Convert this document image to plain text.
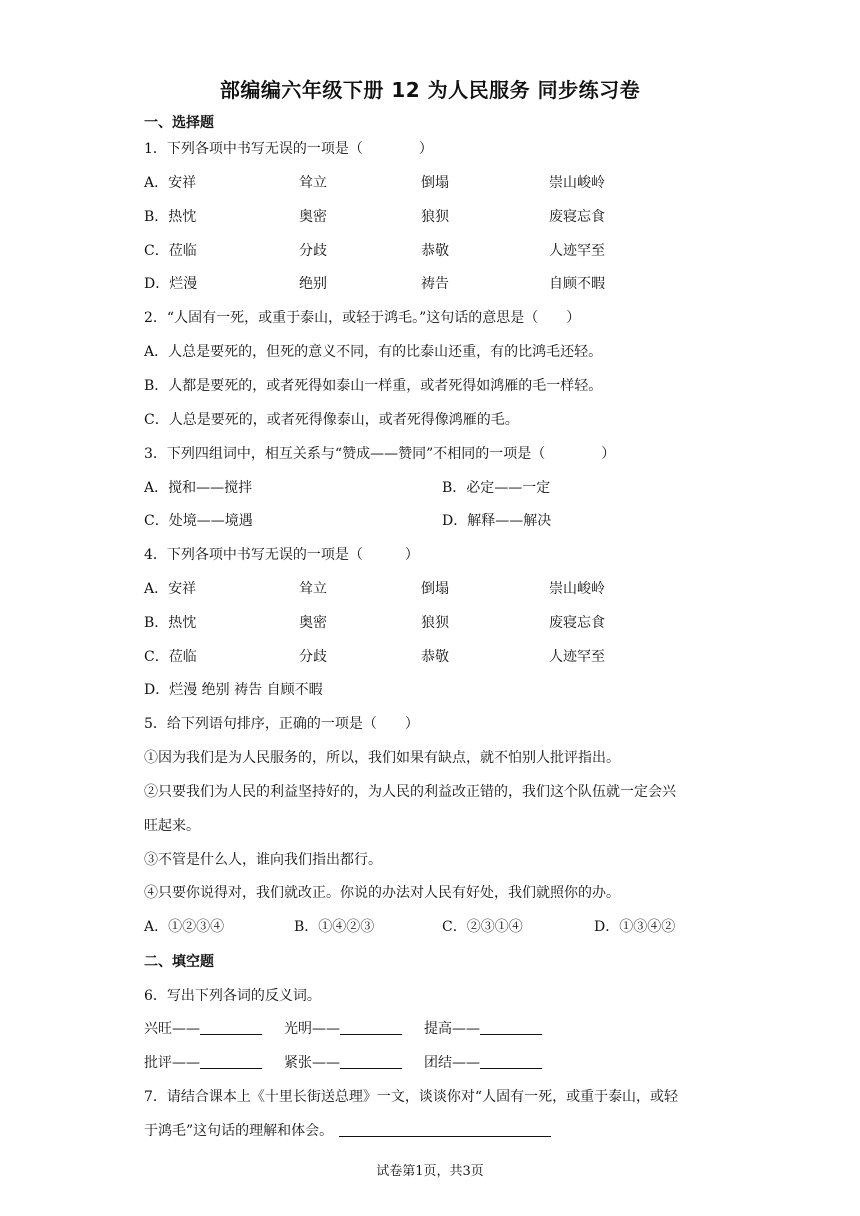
部编编六年级下册 12 为人民服务 同步练习卷
一、选择题
1．下列各项中书写无误的一项是（　　　　）
A．安祥	耸立	倒塌	崇山峻岭
B．热忱	奥密	狼狈	废寝忘食
C．莅临	分歧	恭敬	人迹罕至
D．烂漫	绝别	祷告	自顾不暇
2．“人固有一死，或重于泰山，或轻于鸿毛。”这句话的意思是（　　）
A．人总是要死的，但死的意义不同，有的比泰山还重，有的比鸿毛还轻。
B．人都是要死的，或者死得如泰山一样重，或者死得如鸿雁的毛一样轻。
C．人总是要死的，或者死得像泰山，或者死得像鸿雁的毛。
3．下列四组词中，相互关系与“赞成——赞同”不相同的一项是（　　　　）
A．搅和——搅拌	B．必定——一定
C．处境——境遇	D．解释——解决
4．下列各项中书写无误的一项是（　　　）
A．安祥	耸立	倒塌	崇山峻岭
B．热忱	奥密	狼狈	废寝忘食
C．莅临	分歧	恭敬	人迹罕至
D．烂漫 绝别 祷告 自顾不暇
5．给下列语句排序，正确的一项是（　　）
①因为我们是为人民服务的，所以，我们如果有缺点，就不怕别人批评指出。
②只要我们为人民的利益坚持好的，为人民的利益改正错的，我们这个队伍就一定会兴
旺起来。
③不管是什么人，谁向我们指出都行。
④只要你说得对，我们就改正。你说的办法对人民有好处，我们就照你的办。
A．①②③④	B．①④②③	C．②③①④	D．①③④②
二、填空题
6．写出下列各词的反义词。
兴旺——	光明——	提高——
批评——	紧张——	团结——
7．请结合课本上《十里长街送总理》一文，谈谈你对“人固有一死，或重于泰山，或轻
于鸿毛”这句话的理解和体会。
试卷第1页，共3页
